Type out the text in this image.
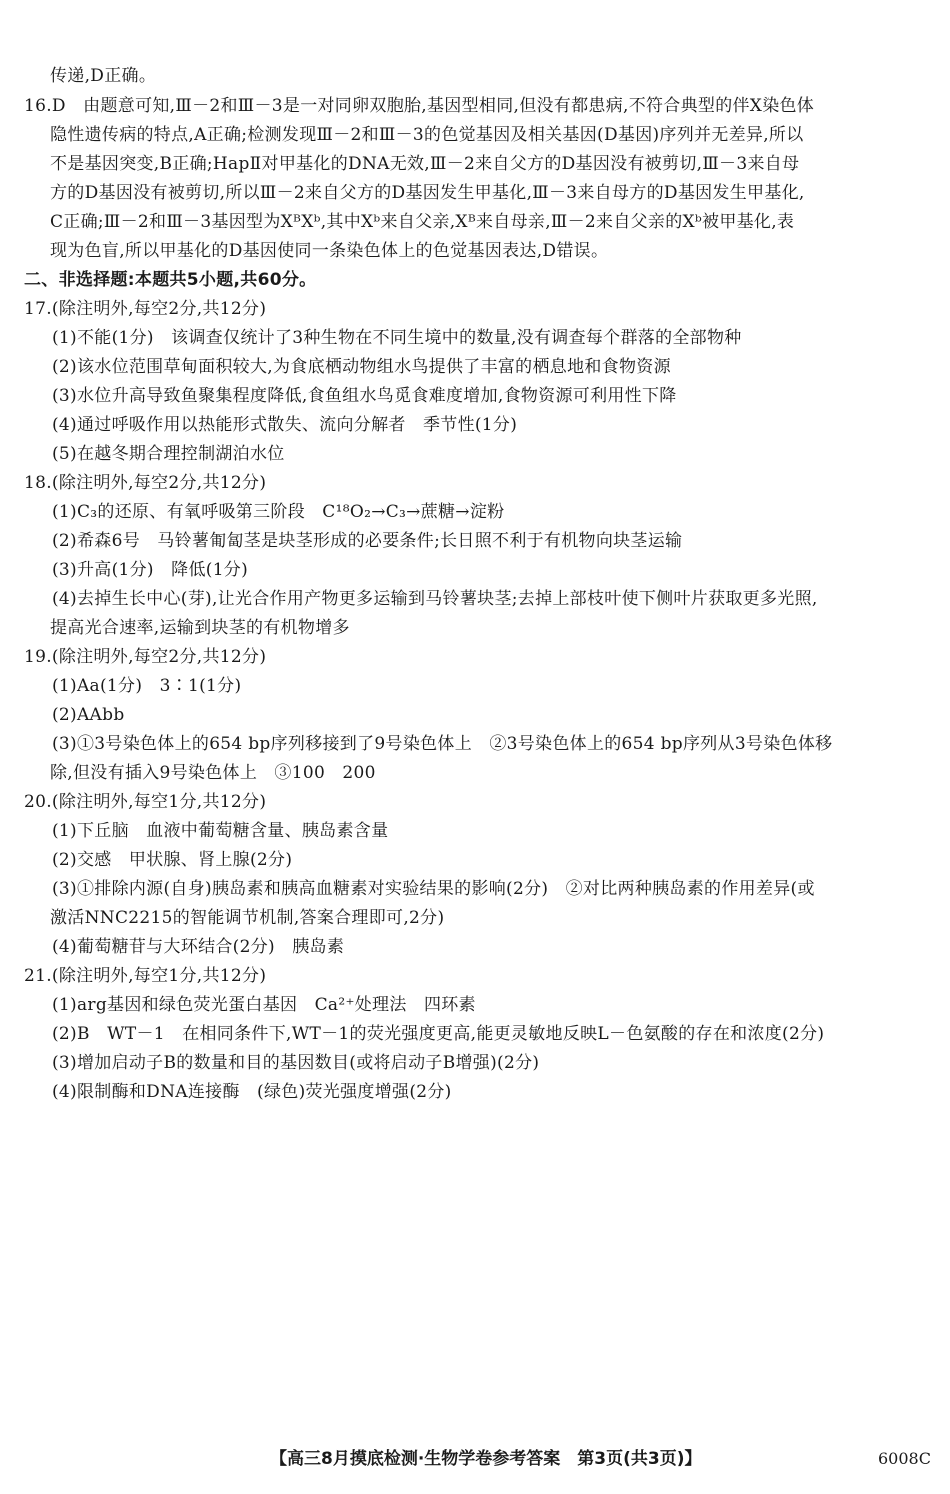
传递,D正确。
16.D　由题意可知,Ⅲ－2和Ⅲ－3是一对同卵双胞胎,基因型相同,但没有都患病,不符合典型的伴X染色体
隐性遗传病的特点,A正确;检测发现Ⅲ－2和Ⅲ－3的色觉基因及相关基因(D基因)序列并无差异,所以
不是基因突变,B正确;HapⅡ对甲基化的DNA无效,Ⅲ－2来自父方的D基因没有被剪切,Ⅲ－3来自母
方的D基因没有被剪切,所以Ⅲ－2来自父方的D基因发生甲基化,Ⅲ－3来自母方的D基因发生甲基化,
C正确;Ⅲ－2和Ⅲ－3基因型为XᴮXᵇ,其中Xᵇ来自父亲,Xᴮ来自母亲,Ⅲ－2来自父亲的Xᵇ被甲基化,表
现为色盲,所以甲基化的D基因使同一条染色体上的色觉基因表达,D错误。
二、非选择题:本题共5小题,共60分。
17.(除注明外,每空2分,共12分)
(1)不能(1分)　该调查仅统计了3种生物在不同生境中的数量,没有调查每个群落的全部物种
(2)该水位范围草甸面积较大,为食底栖动物组水鸟提供了丰富的栖息地和食物资源
(3)水位升高导致鱼聚集程度降低,食鱼组水鸟觅食难度增加,食物资源可利用性下降
(4)通过呼吸作用以热能形式散失、流向分解者　季节性(1分)
(5)在越冬期合理控制湖泊水位
18.(除注明外,每空2分,共12分)
(1)C₃的还原、有氧呼吸第三阶段　C¹⁸O₂→C₃→蔗糖→淀粉
(2)希森6号　马铃薯匍匐茎是块茎形成的必要条件;长日照不利于有机物向块茎运输
(3)升高(1分)　降低(1分)
(4)去掉生长中心(芽),让光合作用产物更多运输到马铃薯块茎;去掉上部枝叶使下侧叶片获取更多光照,
提高光合速率,运输到块茎的有机物增多
19.(除注明外,每空2分,共12分)
(1)Aa(1分)　3∶1(1分)
(2)AAbb
(3)①3号染色体上的654 bp序列移接到了9号染色体上　②3号染色体上的654 bp序列从3号染色体移
除,但没有插入9号染色体上　③100　200
20.(除注明外,每空1分,共12分)
(1)下丘脑　血液中葡萄糖含量、胰岛素含量
(2)交感　甲状腺、肾上腺(2分)
(3)①排除内源(自身)胰岛素和胰高血糖素对实验结果的影响(2分)　②对比两种胰岛素的作用差异(或
激活NNC2215的智能调节机制,答案合理即可,2分)
(4)葡萄糖苷与大环结合(2分)　胰岛素
21.(除注明外,每空1分,共12分)
(1)arg基因和绿色荧光蛋白基因　Ca²⁺处理法　四环素
(2)B　WT－1　在相同条件下,WT－1的荧光强度更高,能更灵敏地反映L－色氨酸的存在和浓度(2分)
(3)增加启动子B的数量和目的基因数目(或将启动子B增强)(2分)
(4)限制酶和DNA连接酶　(绿色)荧光强度增强(2分)
【高三8月摸底检测·生物学卷参考答案　第3页(共3页)】	6008C
